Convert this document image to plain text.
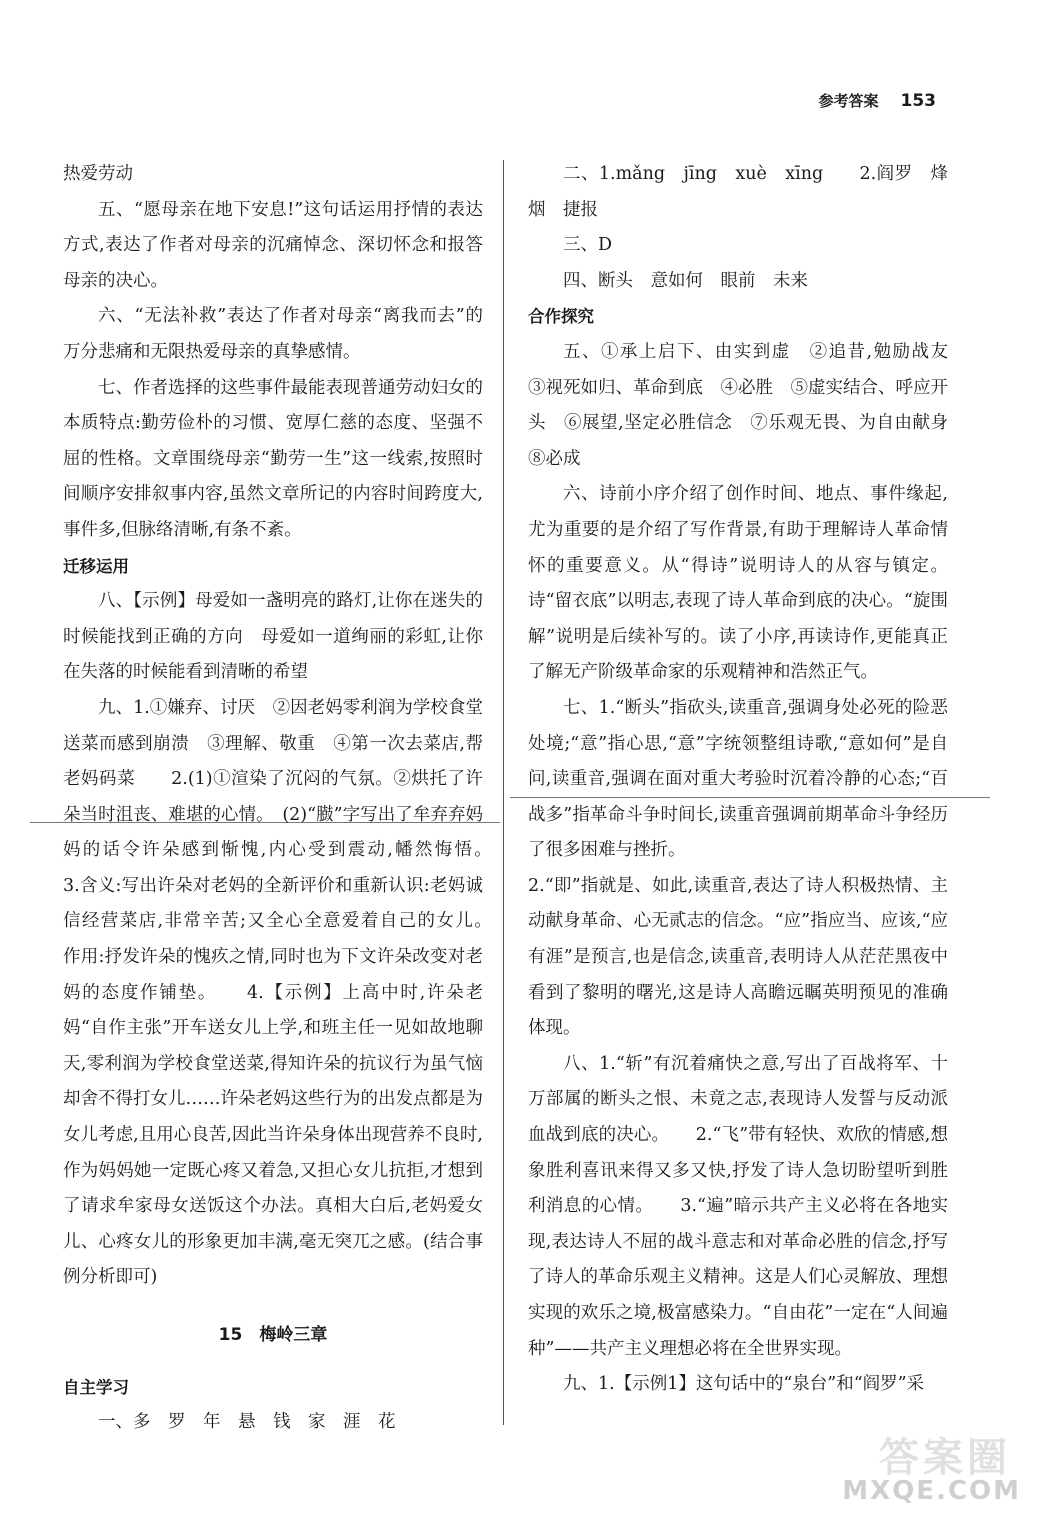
参考答案 153

热爱劳动

五、“愿母亲在地下安息!”这句话运用抒情的表达方式,表达了作者对母亲的沉痛悼念、深切怀念和报答母亲的决心。

六、“无法补救”表达了作者对母亲“离我而去”的万分悲痛和无限热爱母亲的真挚感情。

七、作者选择的这些事件最能表现普通劳动妇女的本质特点:勤劳俭朴的习惯、宽厚仁慈的态度、坚强不屈的性格。文章围绕母亲“勤劳一生”这一线索,按照时间顺序安排叙事内容,虽然文章所记的内容时间跨度大,事件多,但脉络清晰,有条不紊。

迁移运用

八、【示例】母爱如一盏明亮的路灯,让你在迷失的时候能找到正确的方向　母爱如一道绚丽的彩虹,让你在失落的时候能看到清晰的希望

九、1.①嫌弃、讨厌　②因老妈零利润为学校食堂送菜而感到崩溃　③理解、敬重　④第一次去菜店,帮老妈码菜　　2.(1)①渲染了沉闷的气氛。②烘托了许朵当时沮丧、难堪的心情。　(2)“臌”字写出了牟弃弃妈妈的话令许朵感到惭愧,内心受到震动,幡然悔悟。　　3.含义:写出许朵对老妈的全新评价和重新认识:老妈诚信经营菜店,非常辛苦;又全心全意爱着自己的女儿。　作用:抒发许朵的愧疚之情,同时也为下文许朵改变对老妈的态度作铺垫。　　4.【示例】上高中时,许朵老妈“自作主张”开车送女儿上学,和班主任一见如故地聊天,零利润为学校食堂送菜,得知许朵的抗议行为虽气恼却舍不得打女儿……许朵老妈这些行为的出发点都是为女儿考虑,且用心良苦,因此当许朵身体出现营养不良时,作为妈妈她一定既心疼又着急,又担心女儿抗拒,才想到了请求牟家母女送饭这个办法。真相大白后,老妈爱女儿、心疼女儿的形象更加丰满,毫无突兀之感。(结合事例分析即可)

15　梅岭三章

自主学习

一、多　罗　年　悬　钱　家　涯　花

二、1.mǎng　jīng　xuè　xīng　　2.阎罗　烽烟　捷报

三、D

四、断头　意如何　眼前　未来

合作探究

五、①承上启下、由实到虚　②追昔,勉励战友　③视死如归、革命到底　④必胜　⑤虚实结合、呼应开头　⑥展望,坚定必胜信念　⑦乐观无畏、为自由献身　⑧必成

六、诗前小序介绍了创作时间、地点、事件缘起,尤为重要的是介绍了写作背景,有助于理解诗人革命情怀的重要意义。从“得诗”说明诗人的从容与镇定。诗“留衣底”以明志,表现了诗人革命到底的决心。“旋围解”说明是后续补写的。读了小序,再读诗作,更能真正了解无产阶级革命家的乐观精神和浩然正气。

七、1.“断头”指砍头,读重音,强调身处必死的险恶处境;“意”指心思,“意”字统领整组诗歌,“意如何”是自问,读重音,强调在面对重大考验时沉着冷静的心态;“百战多”指革命斗争时间长,读重音强调前期革命斗争经历了很多困难与挫折。

2.“即”指就是、如此,读重音,表达了诗人积极热情、主动献身革命、心无贰志的信念。“应”指应当、应该,“应有涯”是预言,也是信念,读重音,表明诗人从茫茫黑夜中看到了黎明的曙光,这是诗人高瞻远瞩英明预见的准确体现。

八、1.“斩”有沉着痛快之意,写出了百战将军、十万部属的断头之恨、未竟之志,表现诗人发誓与反动派血战到底的决心。　　2.“飞”带有轻快、欢欣的情感,想象胜利喜讯来得又多又快,抒发了诗人急切盼望听到胜利消息的心情。　　3.“遍”暗示共产主义必将在各地实现,表达诗人不屈的战斗意志和对革命必胜的信念,抒写了诗人的革命乐观主义精神。这是人们心灵解放、理想实现的欢乐之境,极富感染力。“自由花”一定在“人间遍种”——共产主义理想必将在全世界实现。

九、1.【示例1】这句话中的“泉台”和“阎罗”采

答案圈
MXQE.COM
